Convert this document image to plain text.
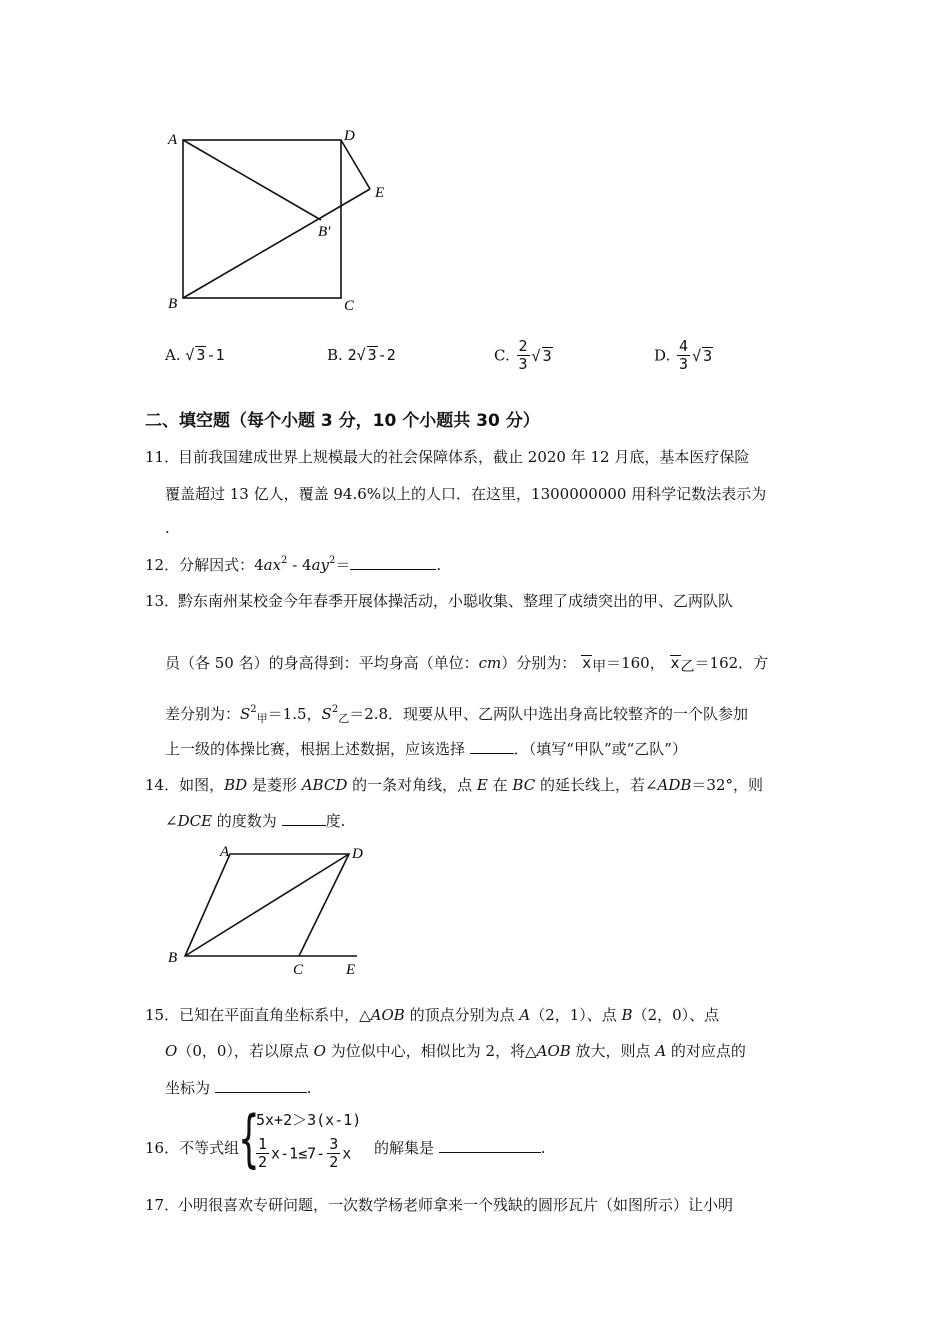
A	D
E
B′
B	C
A. √ 3-1	B. 2√ 3-2	C. $\frac{2}{3}$ √ 3	D. $\frac{4}{3}$ √ 3
二、填空题（每个小题 3 分，10 个小题共 30 分）
11．
目前我国建成世界上规模最大的社会保障体系，截止 2020 年 12 月底，基本医疗保险
覆盖超过 13 亿人，覆盖 94.6%以上的人口．在这里，1300000000 用科学记数法表示为
.
12．分解因式：$4ax^2 - 4ay^2=$	.
13．
黔东南州某校金今年春季开展体操活动，小聪收集、整理了成绩突出的甲、乙两队队
员（各 50 名）的身高得到：平均身高（单位：cm）分别为： x甲＝160， x乙＝162．方
差分别为：$S^2_甲=1.5$，$S^2_乙=2.8$．现要从甲、乙两队中选出身高比较整齐的一个队参加
上一级的体操比赛，根据上述数据，应该选择	．（填写“甲队”或“乙队”）
14．如图，BD 是菱形 ABCD 的一条对角线，点 E 在 BC 的延长线上，若∠ADB＝32°，则
∠DCE 的度数为	度.
A	D
B
C	E
15．已知在平面直角坐标系中，△AOB 的顶点分别为点 A（2，1）、点 B（2，0）、点
O（0，0），若以原点 O 为位似中心，相似比为 2，将△AOB 放大，则点 A 的对应点的
坐标为	.
16．不等式组
{
5x+2＞3(x-1)
$\frac{1}{2} x-1\le 7- \frac{3}{2}$ x 的解集是	.
17．
小明很喜欢专研问题，一次数学杨老师拿来一个残缺的圆形瓦片（如图所示）让小明
